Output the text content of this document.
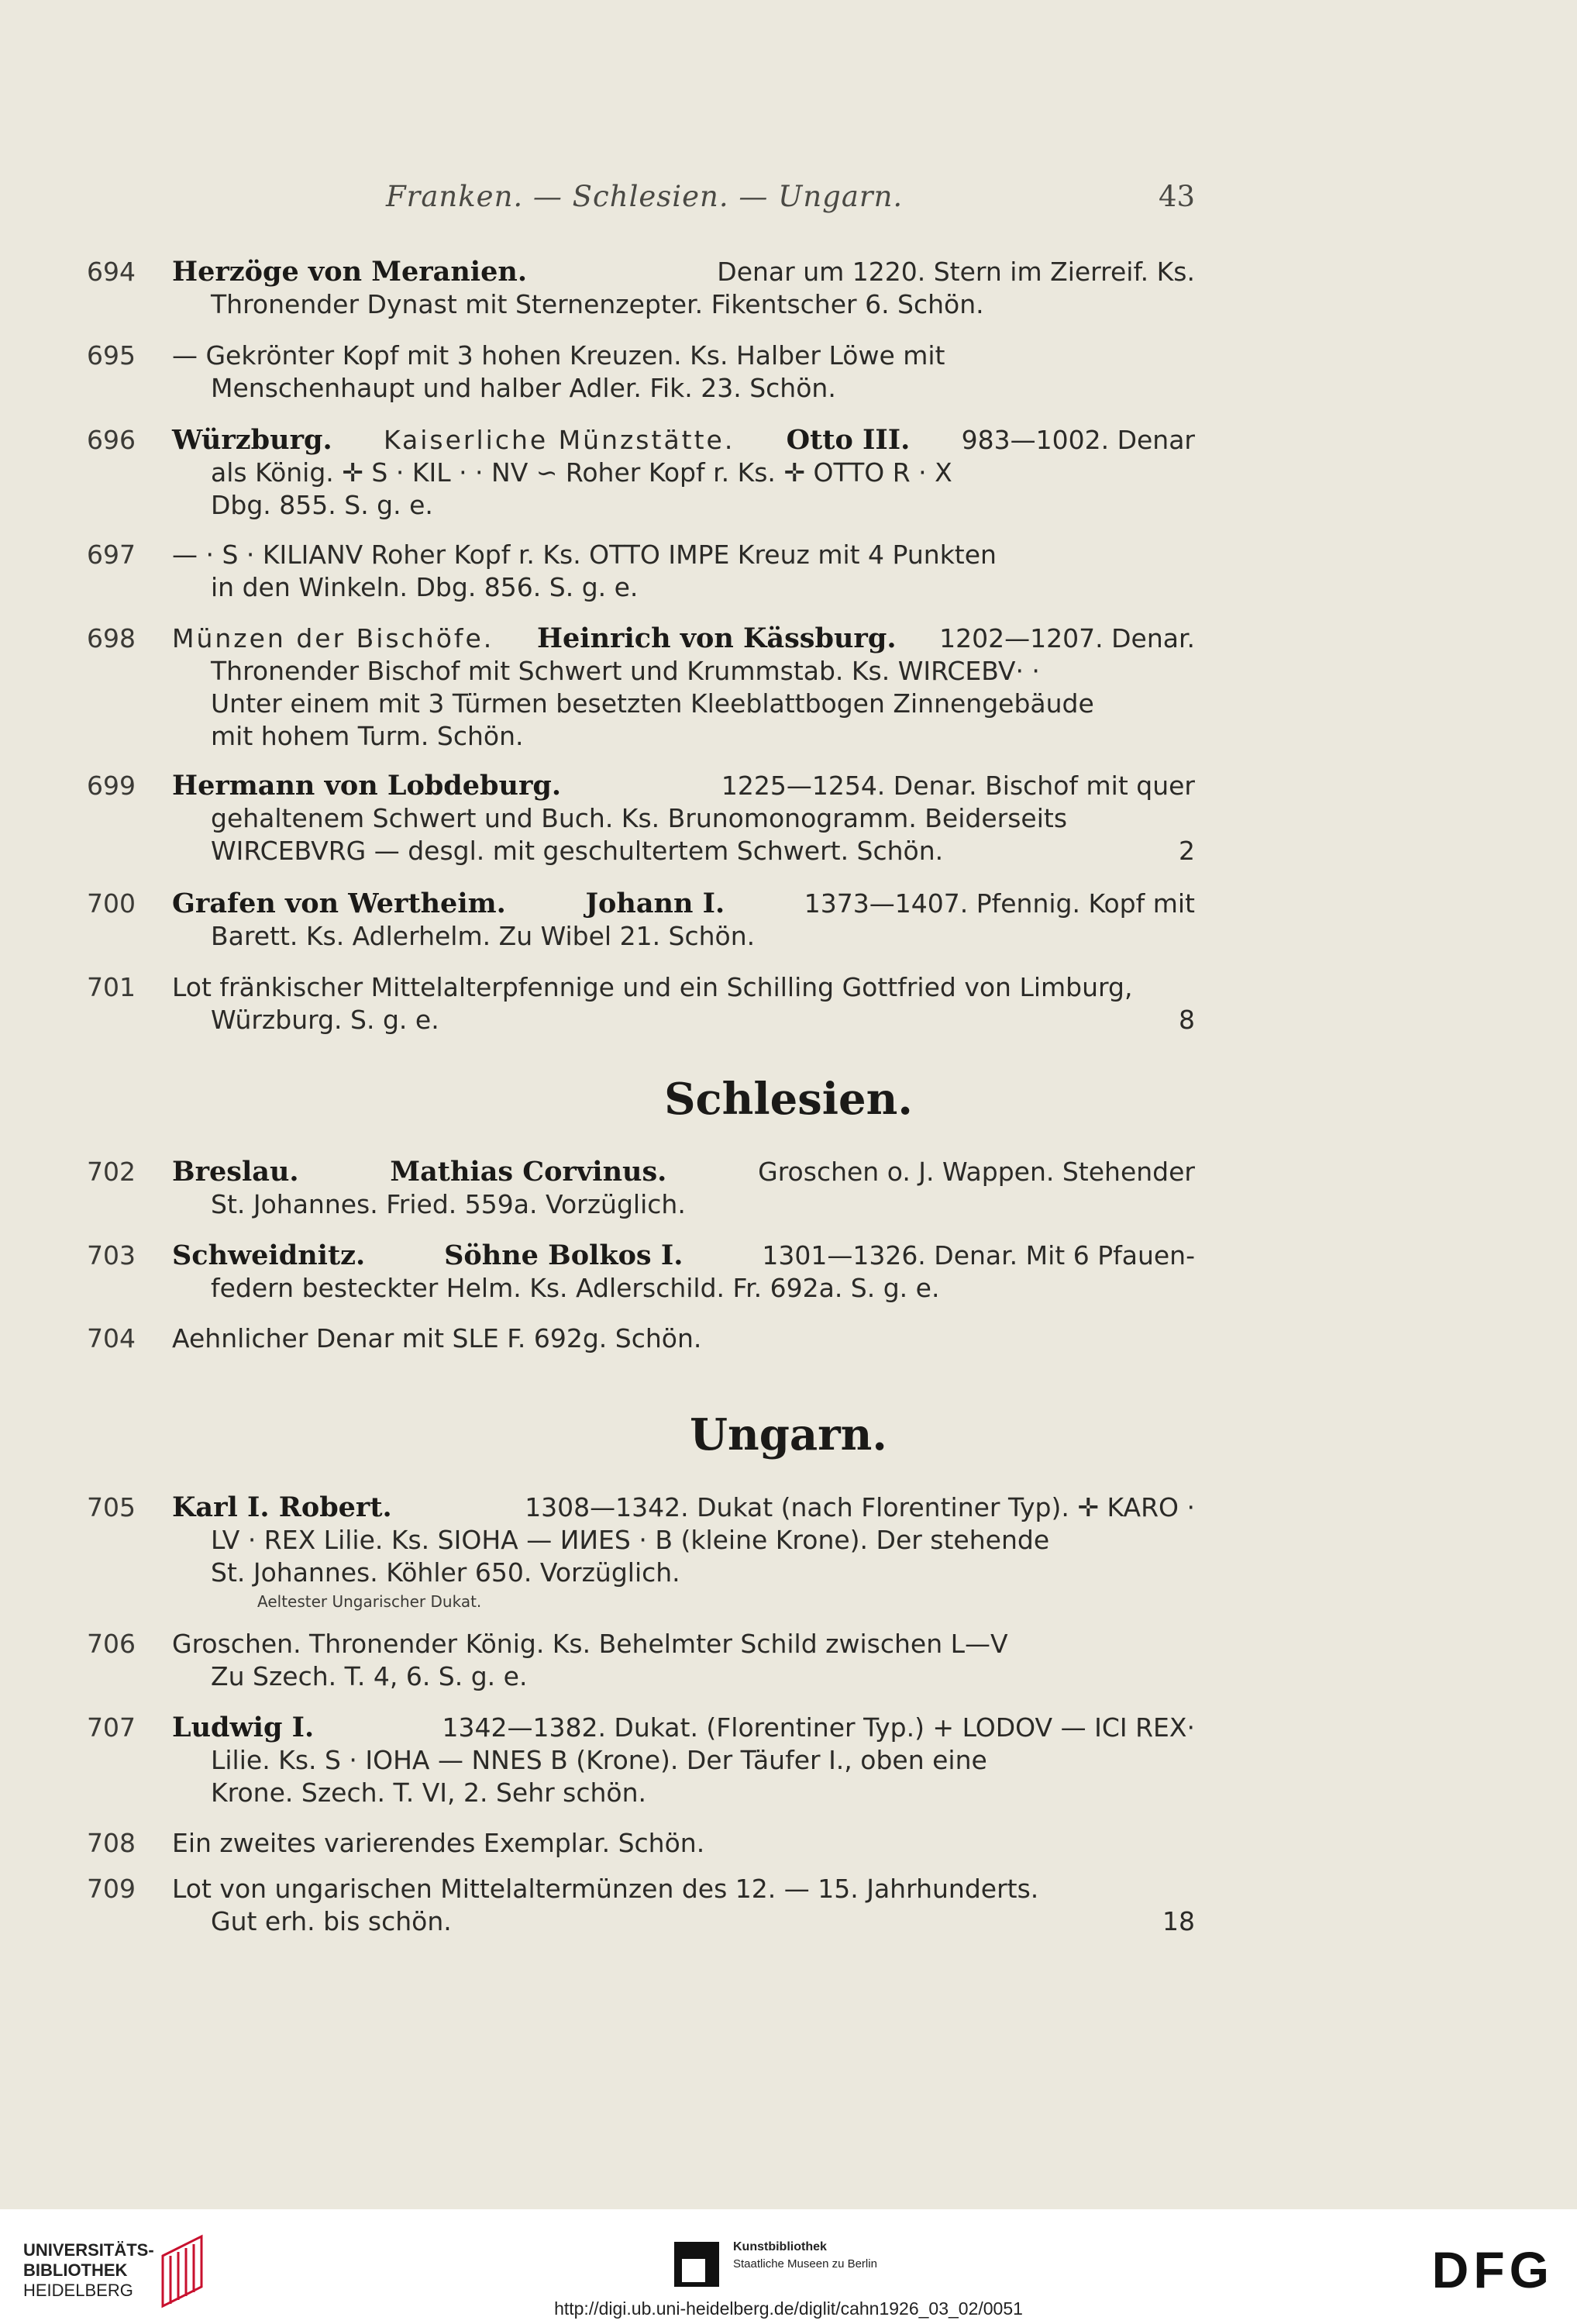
Franken. — Schlesien. — Ungarn.	43
694 Herzöge von Meranien.	Denar um 1220. Stern im Zierreif. Ks.
Thronender Dynast mit Sternenzepter. Fikentscher 6. Schön.
695 — Gekrönter Kopf mit 3 hohen Kreuzen. Ks. Halber Löwe mit
Menschenhaupt und halber Adler. Fik. 23. Schön.
696 Würzburg. Kaiserliche Münzstätte. Otto III. 983—1002. Denar
als König. ✛ S · KIL · · NV ∽ Roher Kopf r. Ks. ✛ OTTO R · X
Dbg. 855. S. g. e.
697 — · S · KILIANV Roher Kopf r. Ks. OTTO IMPE Kreuz mit 4 Punkten
in den Winkeln. Dbg. 856. S. g. e.
698 Münzen der Bischöfe. Heinrich von Kässburg. 1202—1207. Denar.
Thronender Bischof mit Schwert und Krummstab. Ks. WIRCEBV· ·
Unter einem mit 3 Türmen besetzten Kleeblattbogen Zinnengebäude
mit hohem Turm. Schön.
699 Hermann von Lobdeburg.	1225—1254. Denar. Bischof mit quer
gehaltenem Schwert und Buch. Ks. Brunomonogramm. Beiderseits
WIRCEBVRG — desgl. mit geschultertem Schwert. Schön.	2
700 Grafen von Wertheim.	Johann I.	1373—1407. Pfennig. Kopf mit
Barett. Ks. Adlerhelm. Zu Wibel 21. Schön.
701 Lot fränkischer Mittelalterpfennige und ein Schilling Gottfried von Limburg,
Würzburg. S. g. e.	8
Schlesien.
702 Breslau.	Mathias Corvinus.	Groschen o. J. Wappen. Stehender
St. Johannes. Fried. 559a. Vorzüglich.
703 Schweidnitz.	Söhne Bolkos I.	1301—1326. Denar. Mit 6 Pfauen-
federn besteckter Helm. Ks. Adlerschild. Fr. 692a. S. g. e.
704 Aehnlicher Denar mit SLE F. 692g. Schön.
Ungarn.
705 Karl I. Robert.	1308—1342. Dukat (nach Florentiner Typ). ✛ KARO ·
LV · REX Lilie. Ks. SIOHA — ИИES · B (kleine Krone). Der stehende
St. Johannes. Köhler 650. Vorzüglich.
Aeltester Ungarischer Dukat.
706 Groschen. Thronender König. Ks. Behelmter Schild zwischen L—V
Zu Szech. T. 4, 6. S. g. e.
707 Ludwig I.	1342—1382. Dukat. (Florentiner Typ.) + LODOV — ICI REX·
Lilie. Ks. S · IOHA — NNES B (Krone). Der Täufer I., oben eine
Krone. Szech. T. VI, 2. Sehr schön.
708 Ein zweites varierendes Exemplar. Schön.
709 Lot von ungarischen Mittelaltermünzen des 12. — 15. Jahrhunderts.
Gut erh. bis schön.	18
UNIVERSITÄTS-
BIBLIOTHEK
HEIDELBERG
Kunstbibliothek
Staatliche Museen zu Berlin	DFG
http://digi.ub.uni-heidelberg.de/diglit/cahn1926_03_02/0051
